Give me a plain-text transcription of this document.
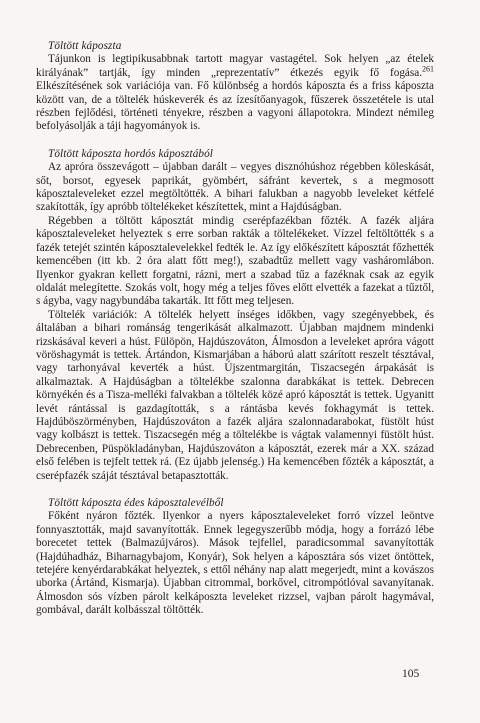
Töltött káposzta

Tájunkon is legtipikusabbnak tartott magyar vastagétel. Sok helyen „az ételek királyának” tartják, így minden „reprezentatív” étkezés egyik fő fogása.$^{261}$ Elkészítésének sok variációja van. Fő különbség a hordós káposzta és a friss káposzta között van, de a töltelék húskeverék és az ízesítőanyagok, fűszerek összetétele is utal részben fejlődési, történeti tényekre, részben a vagyoni állapotokra. Mindezt némileg befolyásolják a táji hagyományok is.

Töltött káposzta hordós káposztából

Az apróra összevágott – újabban darált – vegyes disznóhúshoz régebben köleskását, sőt, borsot, egyesek paprikát, gyömbért, sáfránt kevertek, s a megmosott káposztaleveleket ezzel megtöltötték. A bihari falukban a nagyobb leveleket kétfelé szakították, így apróbb töltelékeket készítettek, mint a Hajdúságban.

Régebben a töltött káposztát mindig cserépfazékban főzték. A fazék aljára káposztaleveleket helyeztek s erre sorban rakták a töltelékeket. Vízzel feltöltötték s a fazék tetejét szintén káposztalevelekkel fedték le. Az így előkészített káposztát főzhették kemencében (itt kb. 2 óra alatt főtt meg!), szabadtűz mellett vagy vasháromlábon. Ilyenkor gyakran kellett forgatni, rázni, mert a szabad tűz a fazéknak csak az egyik oldalát melegítette. Szokás volt, hogy még a teljes főves előtt elvették a fazekat a tűztől, s ágyba, vagy nagybundába takarták. Itt főtt meg teljesen.

Töltelék variációk: A töltelék helyett ínséges időkben, vagy szegényebbek, és általában a bihari románság tengerikását alkalmazott. Újabban majdnem mindenki rizskásával keveri a húst. Fülöpön, Hajdúszováton, Álmosdon a leveleket apróra vágott vöröshagymát is tettek. Ártándon, Kismarjában a háború alatt szárított reszelt tésztával, vagy tarhonyával keverték a húst. Újszentmargitán, Tiszacsegén árpakását is alkalmaztak. A Hajdúságban a töltelékbe szalonna darabkákat is tettek. Debrecen környékén és a Tisza-melléki falvakban a töltelék közé apró káposztát is tettek. Ugyanitt levét rántással is gazdagították, s a rántásba kevés fokhagymát is tettek. Hajdúböszörményben, Hajdúszováton a fazék aljára szalonnadarabokat, füstölt húst vagy kolbászt is tettek. Tiszacsegén még a töltelékbe is vágtak valamennyi füstölt húst. Debrecenben, Püspökladányban, Hajdúszováton a káposztát, ezerek már a XX. század első felében is tejfelt tettek rá. (Ez újabb jelenség.) Ha kemencében főzték a káposztát, a cserépfazék száját tésztával betapasztották.

Töltött káposzta édes káposztalevélből

Főként nyáron főzték. Ilyenkor a nyers káposztaleveleket forró vízzel leöntve fonnyasztották, majd savanyították. Ennek legegyszerűbb módja, hogy a forrázó lébe borecetet tettek (Balmazújváros). Mások tejfellel, paradicsommal savanyították (Hajdúhadház, Biharnagybajom, Konyár), Sok helyen a káposztára sós vizet öntöttek, tetejére kenyérdarabkákat helyeztek, s ettől néhány nap alatt megerjedt, mint a kovászos uborka (Ártánd, Kismarja). Újabban citrommal, borkővel, citrompótlóval savanyítanak. Álmosdon sós vízben párolt kelkáposzta leveleket rizzsel, vajban párolt hagymával, gombával, darált kolbásszal töltötték.

105
